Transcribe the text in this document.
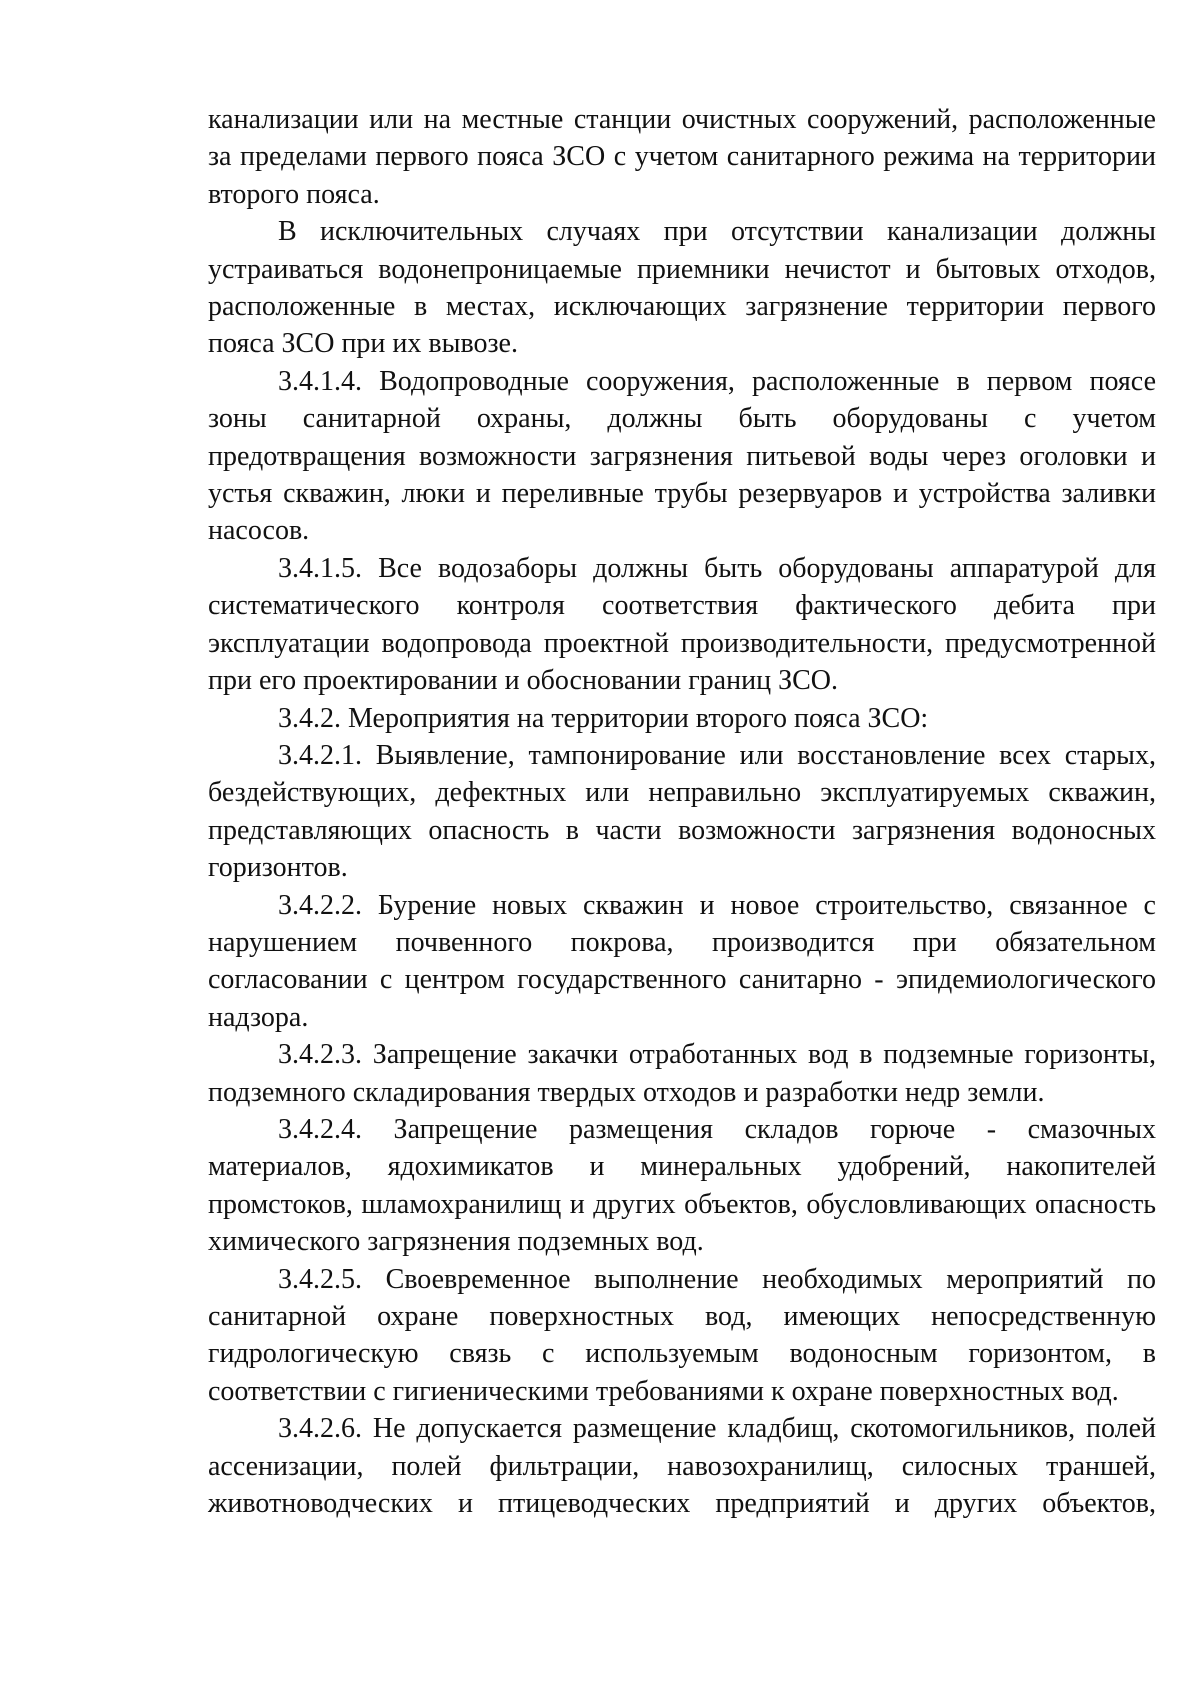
канализации или на местные станции очистных сооружений, расположенные за пределами первого пояса ЗСО с учетом санитарного режима на территории второго пояса.

В исключительных случаях при отсутствии канализации должны устраиваться водонепроницаемые приемники нечистот и бытовых отходов, расположенные в местах, исключающих загрязнение территории первого пояса ЗСО при их вывозе.

3.4.1.4. Водопроводные сооружения, расположенные в первом поясе зоны санитарной охраны, должны быть оборудованы с учетом предотвращения возможности загрязнения питьевой воды через оголовки и устья скважин, люки и переливные трубы резервуаров и устройства заливки насосов.

3.4.1.5. Все водозаборы должны быть оборудованы аппаратурой для систематического контроля соответствия фактического дебита при эксплуатации водопровода проектной производительности, предусмотренной при его проектировании и обосновании границ ЗСО.

3.4.2. Мероприятия на территории второго пояса ЗСО:

3.4.2.1. Выявление, тампонирование или восстановление всех старых, бездействующих, дефектных или неправильно эксплуатируемых скважин, представляющих опасность в части возможности загрязнения водоносных горизонтов.

3.4.2.2. Бурение новых скважин и новое строительство, связанное с нарушением почвенного покрова, производится при обязательном согласовании с центром государственного санитарно - эпидемиологического надзора.

3.4.2.3. Запрещение закачки отработанных вод в подземные горизонты, подземного складирования твердых отходов и разработки недр земли.

3.4.2.4. Запрещение размещения складов горюче - смазочных материалов, ядохимикатов и минеральных удобрений, накопителей промстоков, шламохранилищ и других объектов, обусловливающих опасность химического загрязнения подземных вод.

3.4.2.5. Своевременное выполнение необходимых мероприятий по санитарной охране поверхностных вод, имеющих непосредственную гидрологическую связь с используемым водоносным горизонтом, в соответствии с гигиеническими требованиями к охране поверхностных вод.

3.4.2.6. Не допускается размещение кладбищ, скотомогильников, полей ассенизации, полей фильтрации, навозохранилищ, силосных траншей, животноводческих и птицеводческих предприятий и других объектов,
